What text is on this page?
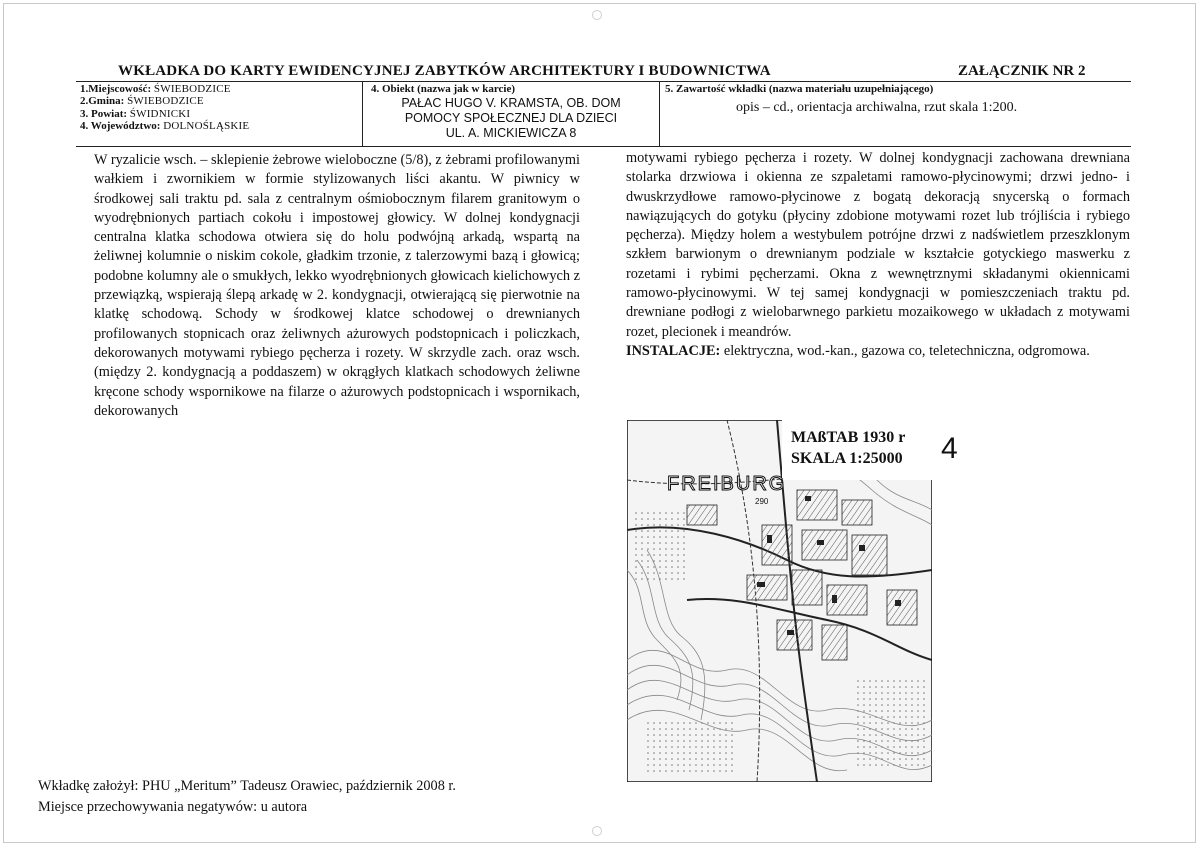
WKŁADKA DO KARTY EWIDENCYJNEJ ZABYTKÓW ARCHITEKTURY I BUDOWNICTWA	ZAŁĄCZNIK NR 2
1.Miejscowość: ŚWIEBODZICE
2.Gmina: ŚWIEBODZICE
3. Powiat: ŚWIDNICKI
4. Województwo: DOLNOŚLĄSKIE
4. Obiekt (nazwa jak w karcie)
PAŁAC HUGO V. KRAMSTA, OB. DOM
POMOCY SPOŁECZNEJ DLA DZIECI
UL. A. MICKIEWICZA 8
5. Zawartość wkładki (nazwa materiału uzupełniającego)
opis – cd., orientacja archiwalna, rzut skala 1:200.

W ryzalicie wsch. – sklepienie żebrowe wieloboczne (5/8), z żebrami profilowanymi wałkiem i zwornikiem w formie stylizowanych liści akantu. W piwnicy w środkowej sali traktu pd. sala z centralnym ośmiobocznym filarem granitowym o wyodrębnionych partiach cokołu i impostowej głowicy. W dolnej kondygnacji centralna klatka schodowa otwiera się do holu podwójną arkadą, wspartą na żeliwnej kolumnie o niskim cokole, gładkim trzonie, z talerzowymi bazą i głowicą; podobne kolumny ale o smukłych, lekko wyodrębnionych głowicach kielichowych z przewiązką, wspierają ślepą arkadę w 2. kondygnacji, otwierającą się pierwotnie na klatkę schodową. Schody w środkowej klatce schodowej o drewnianych profilowanych stopnicach oraz żeliwnych ażurowych podstopnicach i policzkach, dekorowanych motywami rybiego pęcherza i rozety. W skrzydle zach. oraz wsch. (między 2. kondygnacją a poddaszem) w okrągłych klatkach schodowych żeliwne kręcone schody wspornikowe na filarze o ażurowych podstopnicach i wspornikach, dekorowanych

motywami rybiego pęcherza i rozety. W dolnej kondygnacji zachowana drewniana stolarka drzwiowa i okienna ze szpaletami ramowo-płycinowymi; drzwi jedno- i dwuskrzydłowe ramowo-płycinowe z bogatą dekoracją snycerską o formach nawiązujących do gotyku (płyciny zdobione motywami rozet lub trójliścia i rybiego pęcherza). Między holem a westybulem potrójne drzwi z nadświetlem przeszklonym szkłem barwionym o drewnianym podziale w kształcie gotyckiego maswerku z rozetami i rybimi pęcherzami. Okna z wewnętrznymi składanymi okiennicami ramowo-płycinowymi. W tej samej kondygnacji w pomieszczeniach traktu pd. drewniane podłogi z wielobarwnego parkietu mozaikowego w układach z motywami rozet, plecionek i meandrów.

INSTALACJE: elektryczna, wod.-kan., gazowa co, teletechniczna, odgromowa.

FREIBURG
290
MAßTAB 1930 r
SKALA 1:25000 4
Wkładkę założył: PHU „Meritum” Tadeusz Orawiec, październik 2008 r.
Miejsce przechowywania negatywów: u autora
